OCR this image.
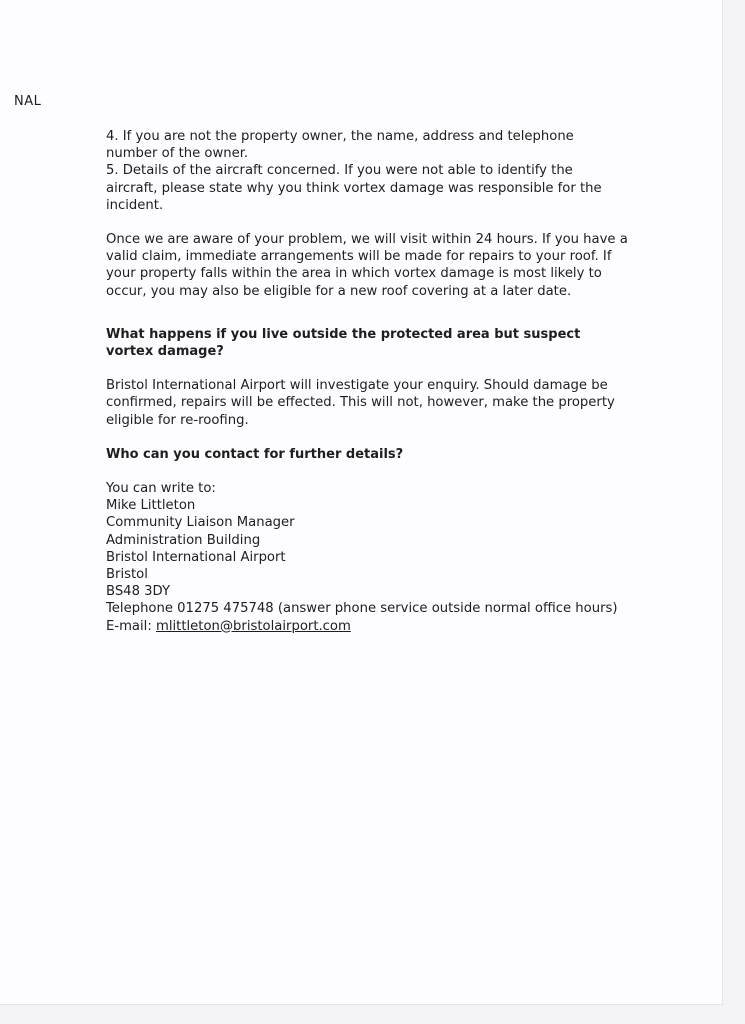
NAL

4. If you are not the property owner, the name, address and telephone number of the owner.

5. Details of the aircraft concerned. If you were not able to identify the aircraft, please state why you think vortex damage was responsible for the incident.

Once we are aware of your problem, we will visit within 24 hours. If you have a valid claim, immediate arrangements will be made for repairs to your roof. If your property falls within the area in which vortex damage is most likely to occur, you may also be eligible for a new roof covering at a later date.

What happens if you live outside the protected area but suspect vortex damage?

Bristol International Airport will investigate your enquiry. Should damage be confirmed, repairs will be effected. This will not, however, make the property eligible for re-roofing.

Who can you contact for further details?

You can write to:
Mike Littleton
Community Liaison Manager
Administration Building
Bristol International Airport
Bristol
BS48 3DY
Telephone 01275 475748 (answer phone service outside normal office hours)
E-mail: mlittleton@bristolairport.com
